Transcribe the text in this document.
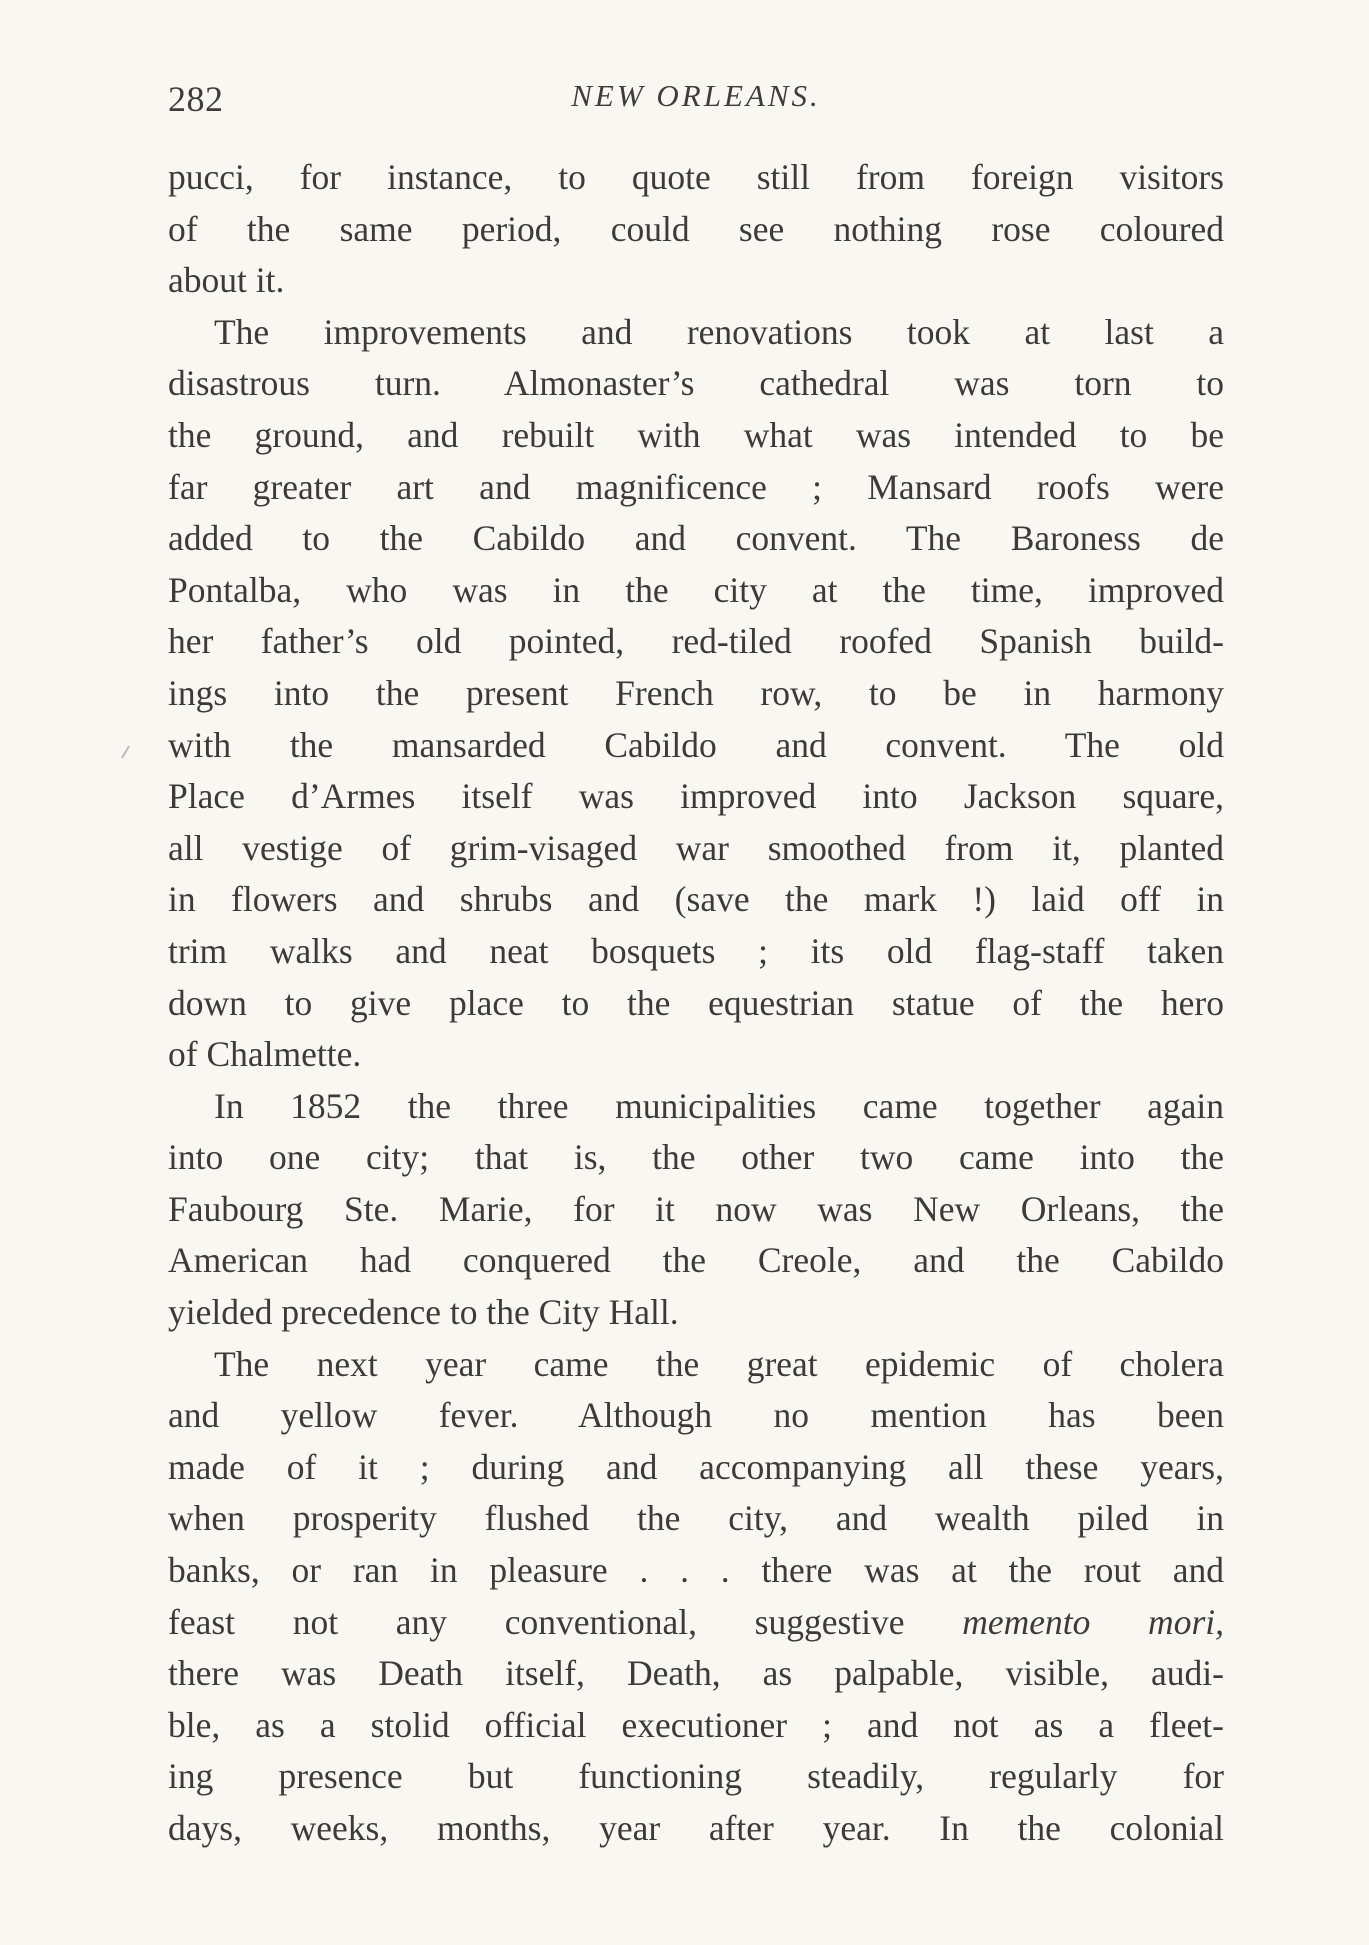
282	NEW ORLEANS.
pucci, for instance, to quote still from foreign visitors
of the same period, could see nothing rose coloured
about it.
The improvements and renovations took at last a
disastrous turn. Almonaster’s cathedral was torn to
the ground, and rebuilt with what was intended to be
far greater art and magnificence ; Mansard roofs were
added to the Cabildo and convent. The Baroness de
Pontalba, who was in the city at the time, improved
her father’s old pointed, red-tiled roofed Spanish build-
ings into the present French row, to be in harmony
with the mansarded Cabildo and convent. The old
Place d’Armes itself was improved into Jackson square,
all vestige of grim-visaged war smoothed from it, planted
in flowers and shrubs and (save the mark !) laid off in
trim walks and neat bosquets ; its old flag-staff taken
down to give place to the equestrian statue of the hero
of Chalmette.
In 1852 the three municipalities came together again
into one city; that is, the other two came into the
Faubourg Ste. Marie, for it now was New Orleans, the
American had conquered the Creole, and the Cabildo
yielded precedence to the City Hall.
The next year came the great epidemic of cholera
and yellow fever. Although no mention has been
made of it ; during and accompanying all these years,
when prosperity flushed the city, and wealth piled in
banks, or ran in pleasure . . . there was at the rout and
feast not any conventional, suggestive memento mori,
there was Death itself, Death, as palpable, visible, audi-
ble, as a stolid official executioner ; and not as a fleet-
ing presence but functioning steadily, regularly for
days, weeks, months, year after year. In the colonial
